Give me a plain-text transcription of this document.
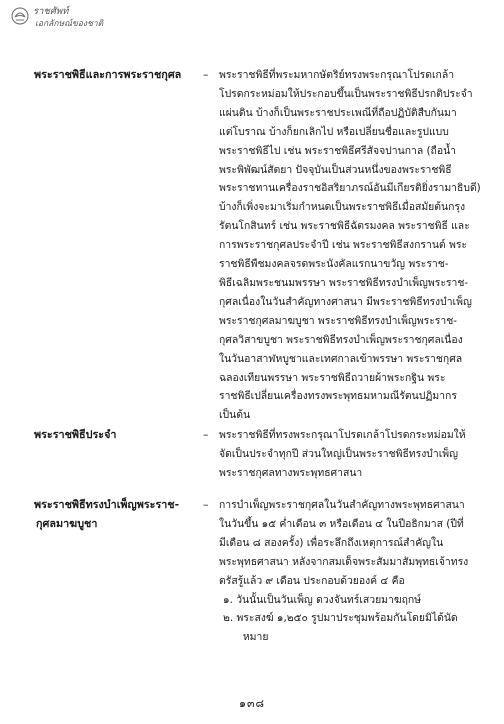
ราชศัพท์
เอกลักษณ์ของชาติ
พระราชพิธีและการพระราชกุศล	–	พระราชพิธีที่พระมหากษัตริย์ทรงพระกรุณาโปรดเกล้า
โปรดกระหม่อมให้ประกอบขึ้นเป็นพระราชพิธีปรกติประจำ
แผ่นดิน บ้างก็เป็นพระราชประเพณีที่ถือปฏิบัติสืบกันมา
แต่โบราณ บ้างก็ยกเลิกไป หรือเปลี่ยนชื่อและรูปแบบ
พระราชพิธีไป เช่น พระราชพิธีศรีสัจจปานกาล (ถือน้ำ
พระพิพัฒน์สัตยา ปัจจุบันเป็นส่วนหนึ่งของพระราชพิธี
พระราชทานเครื่องราชอิสริยาภรณ์อันมีเกียรติยิ่งรามาธิบดี)
บ้างก็เพิ่งจะมาเริ่มกำหนดเป็นพระราชพิธีเมื่อสมัยต้นกรุง
รัตนโกสินทร์ เช่น พระราชพิธีฉัตรมงคล พระราชพิธี และ
การพระราชกุศลประจำปี เช่น พระราชพิธีสงกรานต์ พระ
ราชพิธีพืชมงคลจรดพระนังคัลแรกนาขวัญ พระราช-
พิธีเฉลิมพระชนมพรรษา พระราชพิธีทรงบำเพ็ญพระราช-
กุศลเนื่องในวันสำคัญทางศาสนา มีพระราชพิธีทรงบำเพ็ญ
พระราชกุศลมาฆบูชา พระราชพิธีทรงบำเพ็ญพระราช-
กุศลวิสาขบูชา พระราชพิธีทรงบำเพ็ญพระราชกุศลเนื่อง
ในวันอาสาฬหบูชาและเทศกาลเข้าพรรษา พระราชกุศล
ฉลองเทียนพรรษา พระราชพิธีถวายผ้าพระกฐิน พระ
ราชพิธีเปลี่ยนเครื่องทรงพระพุทธมหามณีรัตนปฏิมากร
เป็นต้น
พระราชพิธีประจำ	–	พระราชพิธีที่ทรงพระกรุณาโปรดเกล้าโปรดกระหม่อมให้
จัดเป็นประจำทุกปี ส่วนใหญ่เป็นพระราชพิธีทรงบำเพ็ญ
พระราชกุศลทางพระพุทธศาสนา
พระราชพิธีทรงบำเพ็ญพระราช-
กุศลมาฆบูชา
–	การบำเพ็ญพระราชกุศลในวันสำคัญทางพระพุทธศาสนา
ในวันขึ้น ๑๕ ค่ำเดือน ๓ หรือเดือน ๔ ในปีอธิกมาส (ปีที่
มีเดือน ๘ สองครั้ง) เพื่อระลึกถึงเหตุการณ์สำคัญใน
พระพุทธศาสนา หลังจากสมเด็จพระสัมมาสัมพุทธเจ้าทรง
ตรัสรู้แล้ว ๙ เดือน ประกอบด้วยองค์ ๔ คือ
๑. วันนั้นเป็นวันเพ็ญ ดวงจันทร์เสวยมาฆฤกษ์
๒. พระสงฆ์ ๑,๒๕๐ รูปมาประชุมพร้อมกันโดยมิได้นัด
หมาย
๑๓๘
